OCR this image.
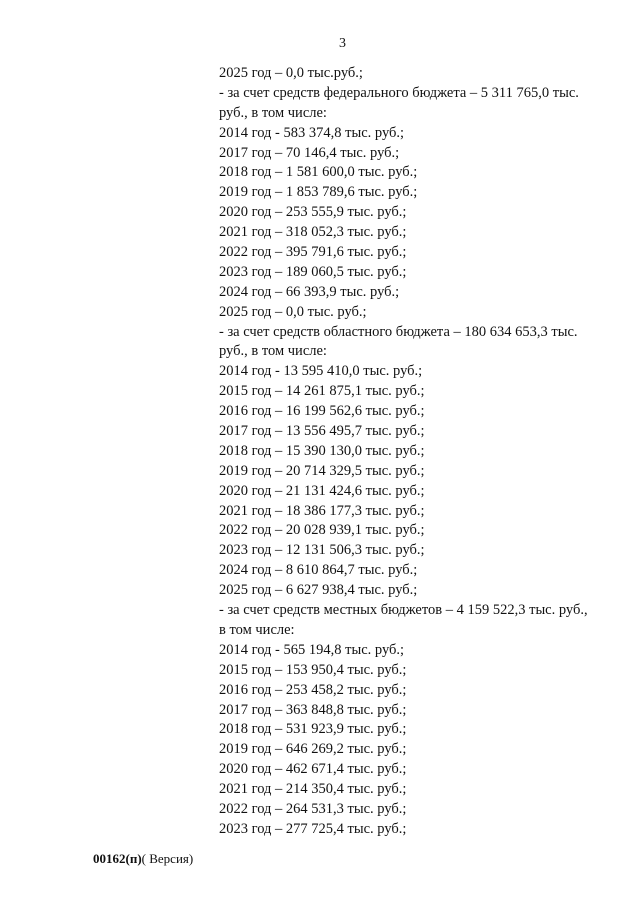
3
2025 год – 0,0 тыс.руб.;
- за счет средств федерального бюджета – 5 311 765,0 тыс.
руб., в том числе:
2014 год - 583 374,8 тыс. руб.;
2017 год – 70 146,4 тыс. руб.;
2018 год – 1 581 600,0 тыс. руб.;
2019 год – 1 853 789,6 тыс. руб.;
2020 год – 253 555,9 тыс. руб.;
2021 год – 318 052,3 тыс. руб.;
2022 год – 395 791,6 тыс. руб.;
2023 год – 189 060,5 тыс. руб.;
2024 год – 66 393,9 тыс. руб.;
2025 год – 0,0 тыс. руб.;
- за счет средств областного бюджета – 180 634 653,3 тыс.
руб., в том числе:
2014 год - 13 595 410,0 тыс. руб.;
2015 год – 14 261 875,1 тыс. руб.;
2016 год – 16 199 562,6 тыс. руб.;
2017 год – 13 556 495,7 тыс. руб.;
2018 год – 15 390 130,0 тыс. руб.;
2019 год – 20 714 329,5 тыс. руб.;
2020 год – 21 131 424,6 тыс. руб.;
2021 год – 18 386 177,3 тыс. руб.;
2022 год – 20 028 939,1 тыс. руб.;
2023 год – 12 131 506,3 тыс. руб.;
2024 год – 8 610 864,7 тыс. руб.;
2025 год – 6 627 938,4 тыс. руб.;
- за счет средств местных бюджетов – 4 159 522,3 тыс. руб.,
в том числе:
2014 год - 565 194,8 тыс. руб.;
2015 год – 153 950,4 тыс. руб.;
2016 год – 253 458,2 тыс. руб.;
2017 год – 363 848,8 тыс. руб.;
2018 год – 531 923,9 тыс. руб.;
2019 год – 646 269,2 тыс. руб.;
2020 год – 462 671,4 тыс. руб.;
2021 год – 214 350,4 тыс. руб.;
2022 год – 264 531,3 тыс. руб.;
2023 год – 277 725,4 тыс. руб.;
00162(п)( Версия)
